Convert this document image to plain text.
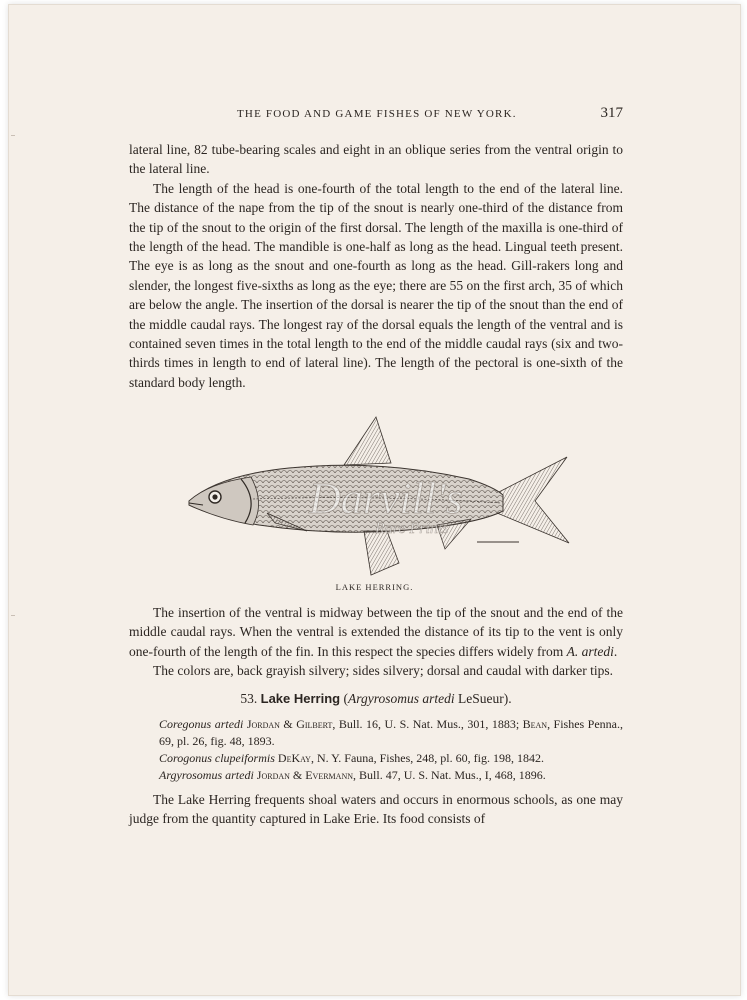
THE FOOD AND GAME FISHES OF NEW YORK.	317

lateral line, 82 tube-bearing scales and eight in an oblique series from the ventral origin to the lateral line.

The length of the head is one-fourth of the total length to the end of the lateral line. The distance of the nape from the tip of the snout is nearly one-third of the distance from the tip of the snout to the origin of the first dorsal. The length of the maxilla is one-third of the length of the head. The mandible is one-half as long as the head. Lingual teeth present. The eye is as long as the snout and one-fourth as long as the head. Gill-rakers long and slender, the longest five-sixths as long as the eye; there are 55 on the first arch, 35 of which are below the angle. The insertion of the dorsal is nearer the tip of the snout than the end of the middle caudal rays. The longest ray of the dorsal equals the length of the ventral and is contained seven times in the total length to the end of the middle caudal rays (six and two-thirds times in length to end of lateral line). The length of the pectoral is one-sixth of the standard body length.

Darvill's
Rare Prints
LAKE HERRING.

The insertion of the ventral is midway between the tip of the snout and the end of the middle caudal rays. When the ventral is extended the distance of its tip to the vent is only one-fourth of the length of the fin. In this respect the species differs widely from A. artedi.

The colors are, back grayish silvery; sides silvery; dorsal and caudal with darker tips.

53. Lake Herring (Argyrosomus artedi LeSueur).

Coregonus artedi Jordan & Gilbert, Bull. 16, U. S. Nat. Mus., 301, 1883; Bean, Fishes Penna., 69, pl. 26, fig. 48, 1893.

Corogonus clupeiformis DeKay, N. Y. Fauna, Fishes, 248, pl. 60, fig. 198, 1842.

Argyrosomus artedi Jordan & Evermann, Bull. 47, U. S. Nat. Mus., I, 468, 1896.

The Lake Herring frequents shoal waters and occurs in enormous schools, as one may judge from the quantity captured in Lake Erie. Its food consists of
